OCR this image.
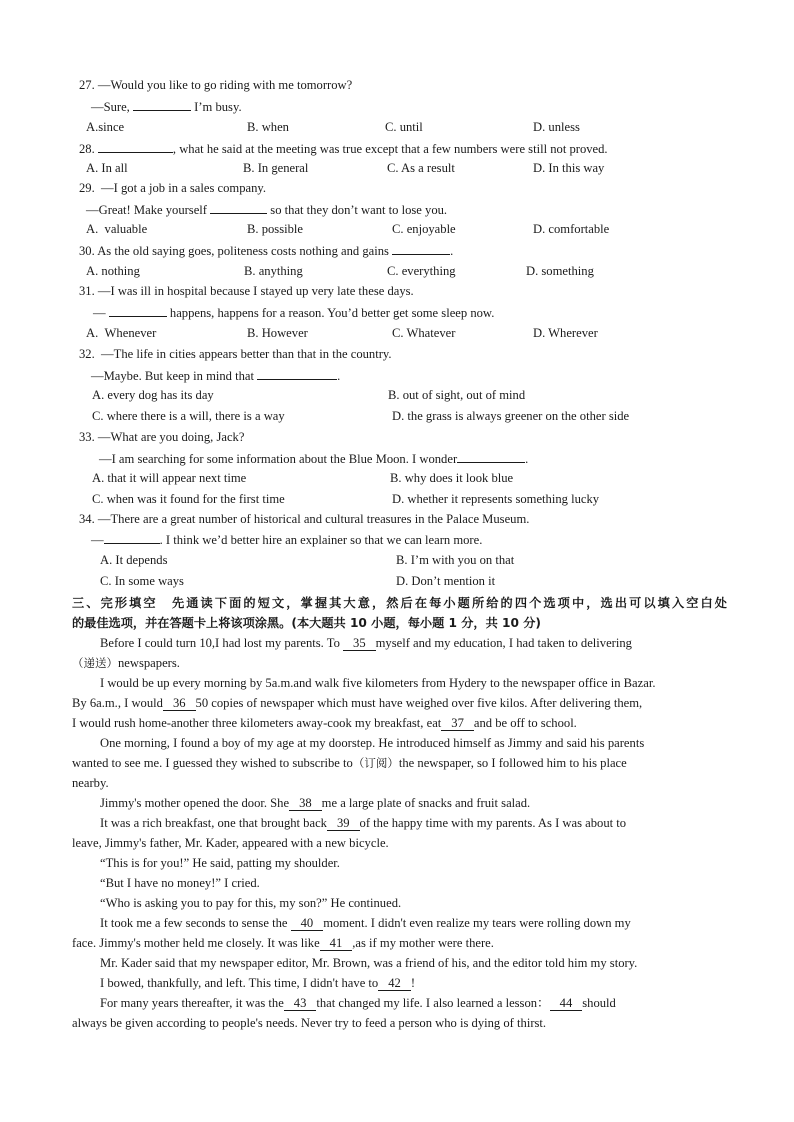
27. —Would you like to go riding with me tomorrow?
—Sure,	I’m busy.
A.since	B. when	C. until	D. unless
28.	, what he said at the meeting was true except that a few numbers were still not proved.
A. In all	B. In general	C. As a result	D. In this way
29.  —I got a job in a sales company.
—Great! Make yourself	so that they don’t want to lose you.
A.  valuable	B. possible	C. enjoyable	D. comfortable
30. As the old saying goes, politeness costs nothing and gains	.
A. nothing	B. anything	C. everything	D. something
31. —I was ill in hospital because I stayed up very late these days.
—	happens, happens for a reason. You’d better get some sleep now.
A.  Whenever	B. However	C. Whatever	D. Wherever
32.  —The life in cities appears better than that in the country.
—Maybe. But keep in mind that	.
A. every dog has its day	B. out of sight, out of mind
C. where there is a will, there is a way	D. the grass is always greener on the other side
33. —What are you doing, Jack?
—I am searching for some information about the Blue Moon. I wonder	.
A. that it will appear next time	B. why does it look blue
C. when was it found for the first time	D. whether it represents something lucky
34. —There are a great number of historical and cultural treasures in the Palace Museum.
—	. I think we’d better hire an explainer so that we can learn more.
A. It depends	B. I’m with you on that
C. In some ways	D. Don’t mention it
三、完形填空　先通读下面的短文，掌握其大意，然后在每小题所给的四个选项中，选出可以填入空白处
的最佳选项，并在答题卡上将该项涂黑。(本大题共 10 小题，每小题 1 分，共 10 分)
Before I could turn 10,I had lost my parents. To 35 myself and my education, I had taken to delivering
（递送）newspapers.
I would be up every morning by 5a.m.and walk five kilometers from Hydery to the newspaper office in Bazar.
By 6a.m., I would 36 50 copies of newspaper which must have weighed over five kilos. After delivering them,
I would rush home-another three kilometers away-cook my breakfast, eat 37 and be off to school.
One morning, I found a boy of my age at my doorstep. He introduced himself as Jimmy and said his parents
wanted to see me. I guessed they wished to subscribe to（订阅）the newspaper, so I followed him to his place
nearby.
Jimmy's mother opened the door. She 38 me a large plate of snacks and fruit salad.
It was a rich breakfast, one that brought back 39 of the happy time with my parents. As I was about to
leave, Jimmy's father, Mr. Kader, appeared with a new bicycle.
“This is for you!” He said, patting my shoulder.
“But I have no money!” I cried.
“Who is asking you to pay for this, my son?” He continued.
It took me a few seconds to sense the 40 moment. I didn't even realize my tears were rolling down my
face. Jimmy's mother held me closely. It was like 41 ,as if my mother were there.
Mr. Kader said that my newspaper editor, Mr. Brown, was a friend of his, and the editor told him my story.
I bowed, thankfully, and left. This time, I didn't have to 42 !
For many years thereafter, it was the 43 that changed my life. I also learned a lesson： 44 should
always be given according to people's needs. Never try to feed a person who is dying of thirst.
